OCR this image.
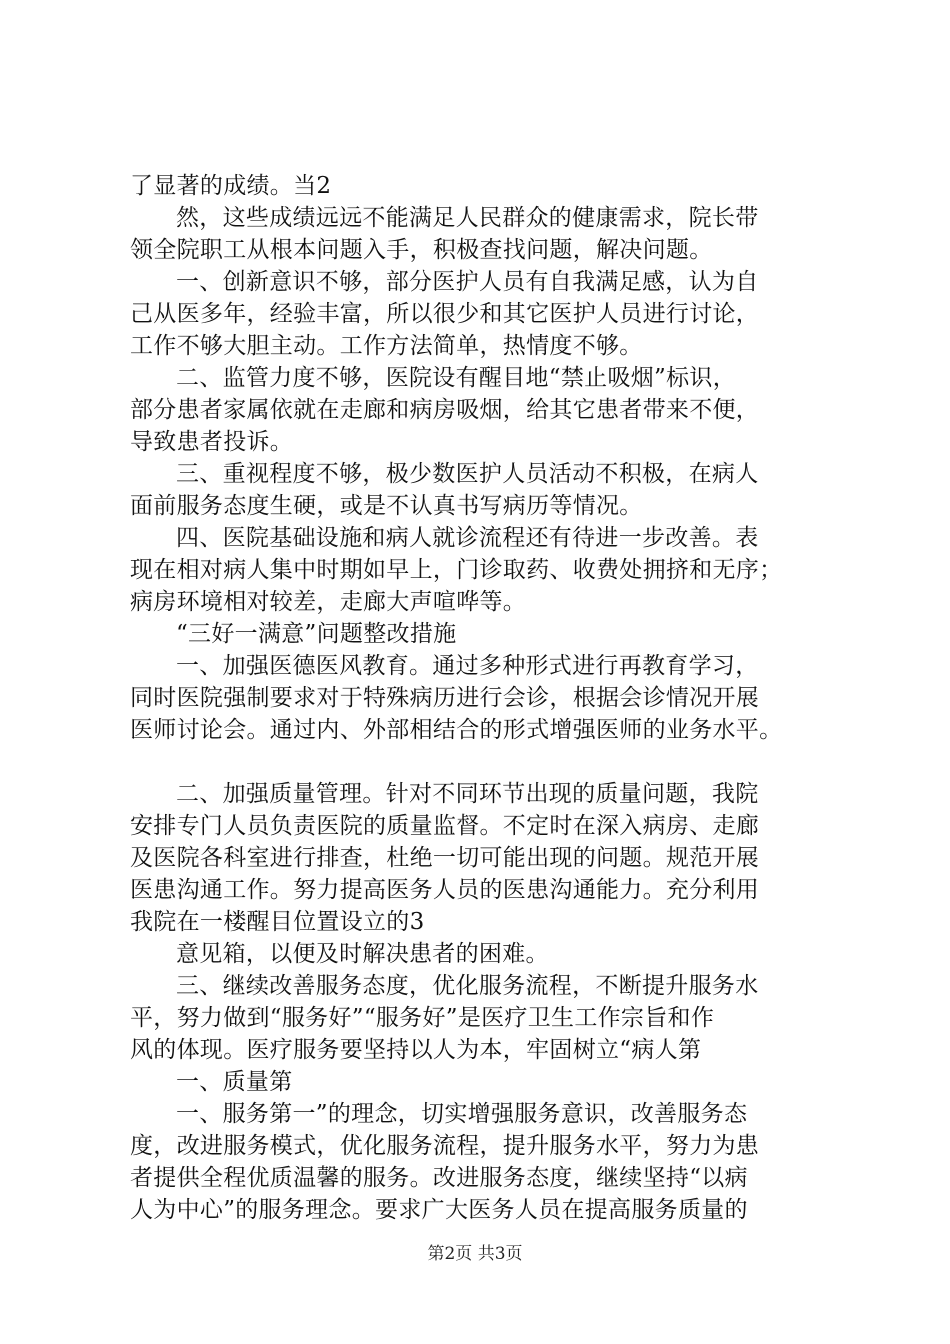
了显著的成绩。当2
然，这些成绩远远不能满足人民群众的健康需求，院长带
领全院职工从根本问题入手，积极查找问题，解决问题。
一、创新意识不够，部分医护人员有自我满足感，认为自
己从医多年，经验丰富，所以很少和其它医护人员进行讨论，
工作不够大胆主动。工作方法简单，热情度不够。
二、监管力度不够，医院设有醒目地“禁止吸烟”标识，
部分患者家属依就在走廊和病房吸烟，给其它患者带来不便，
导致患者投诉。
三、重视程度不够，极少数医护人员活动不积极，在病人
面前服务态度生硬，或是不认真书写病历等情况。
四、医院基础设施和病人就诊流程还有待进一步改善。表
现在相对病人集中时期如早上，门诊取药、收费处拥挤和无序；
病房环境相对较差，走廊大声喧哗等。
“三好一满意”问题整改措施
一、加强医德医风教育。通过多种形式进行再教育学习，
同时医院强制要求对于特殊病历进行会诊，根据会诊情况开展
医师讨论会。通过内、外部相结合的形式增强医师的业务水平。
二、加强质量管理。针对不同环节出现的质量问题，我院
安排专门人员负责医院的质量监督。不定时在深入病房、走廊
及医院各科室进行排查，杜绝一切可能出现的问题。规范开展
医患沟通工作。努力提高医务人员的医患沟通能力。充分利用
我院在一楼醒目位置设立的3
意见箱，以便及时解决患者的困难。
三、继续改善服务态度，优化服务流程，不断提升服务水
平，努力做到“服务好”“服务好”是医疗卫生工作宗旨和作
风的体现。医疗服务要坚持以人为本，牢固树立“病人第
一、质量第
一、服务第一”的理念，切实增强服务意识，改善服务态
度，改进服务模式，优化服务流程，提升服务水平，努力为患
者提供全程优质温馨的服务。改进服务态度，继续坚持“以病
人为中心”的服务理念。要求广大医务人员在提高服务质量的
第2页 共3页
